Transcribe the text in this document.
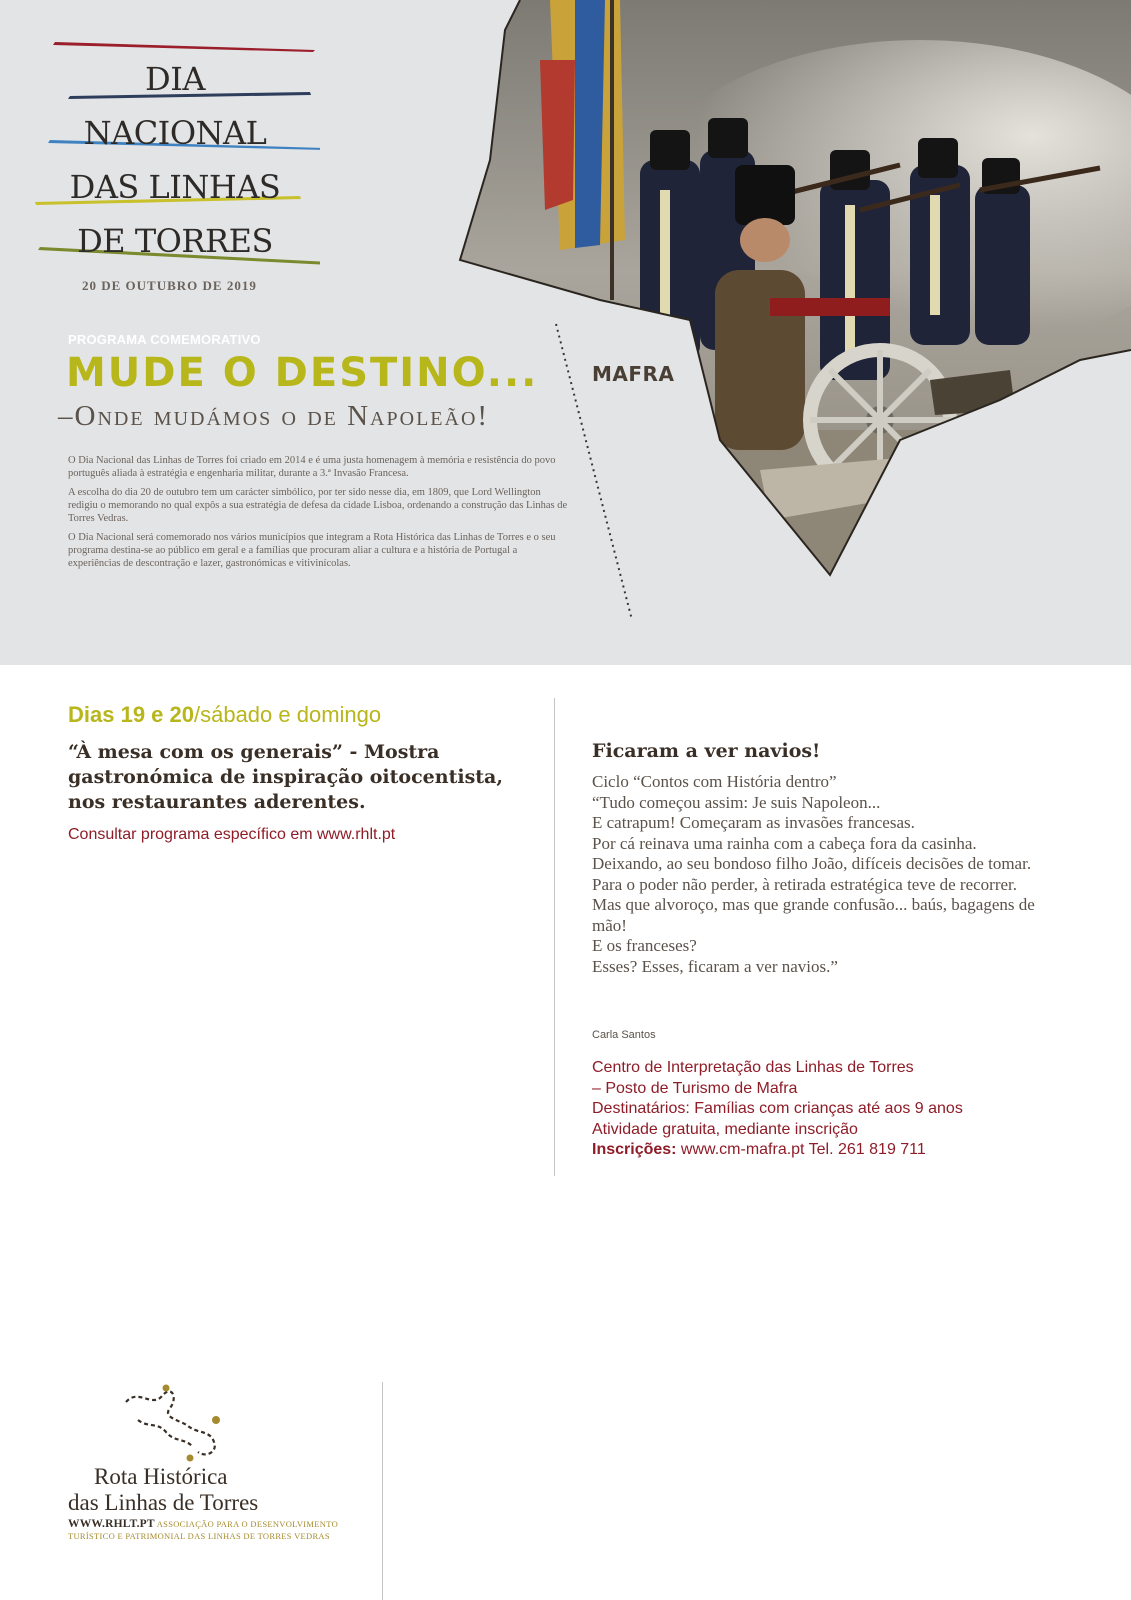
DIA
NACIONAL
DAS LINHAS
DE TORRES
20 DE OUTUBRO DE 2019
PROGRAMA COMEMORATIVO
MUDE O DESTINO...
–Onde mudámos o de Napoleão!

O Dia Nacional das Linhas de Torres foi criado em 2014 e é uma justa homenagem à memória e resistência do povo português aliada à estratégia e engenharia militar, durante a 3.ª Invasão Francesa.

A escolha do dia 20 de outubro tem um carácter simbólico, por ter sido nesse dia, em 1809, que Lord Wellington redigiu o memorando no qual expôs a sua estratégia de defesa da cidade Lisboa, ordenando a construção das Linhas de Torres Vedras.

O Dia Nacional será comemorado nos vários municípios que integram a Rota Histórica das Linhas de Torres e o seu programa destina-se ao público em geral e a famílias que procuram aliar a cultura e a história de Portugal a experiências de descontração e lazer, gastronómicas e vitivinícolas.

MAFRA
Dias 19 e 20/sábado e domingo
“À mesa com os generais” - Mostra gastronómica de inspiração oitocentista, nos restaurantes aderentes.
Consultar programa específico em www.rhlt.pt
Ficaram a ver navios!
Ciclo “Contos com História dentro”
“Tudo começou assim: Je suis Napoleon...
E catrapum! Começaram as invasões francesas.
Por cá reinava uma rainha com a cabeça fora da casinha.
Deixando, ao seu bondoso filho João, difíceis decisões de tomar.
Para o poder não perder, à retirada estratégica teve de recorrer.
Mas que alvoroço, mas que grande confusão... baús, bagagens de mão!
E os franceses?
Esses? Esses, ficaram a ver navios.”
Carla Santos
Centro de Interpretação das Linhas de Torres
– Posto de Turismo de Mafra
Destinatários: Famílias com crianças até aos 9 anos
Atividade gratuita, mediante inscrição
Inscrições: www.cm-mafra.pt Tel. 261 819 711
Rota Histórica
das Linhas de Torres
WWW.RHLT.PT ASSOCIAÇÃO PARA O DESENVOLVIMENTO
TURÍSTICO E PATRIMONIAL DAS LINHAS DE TORRES VEDRAS
